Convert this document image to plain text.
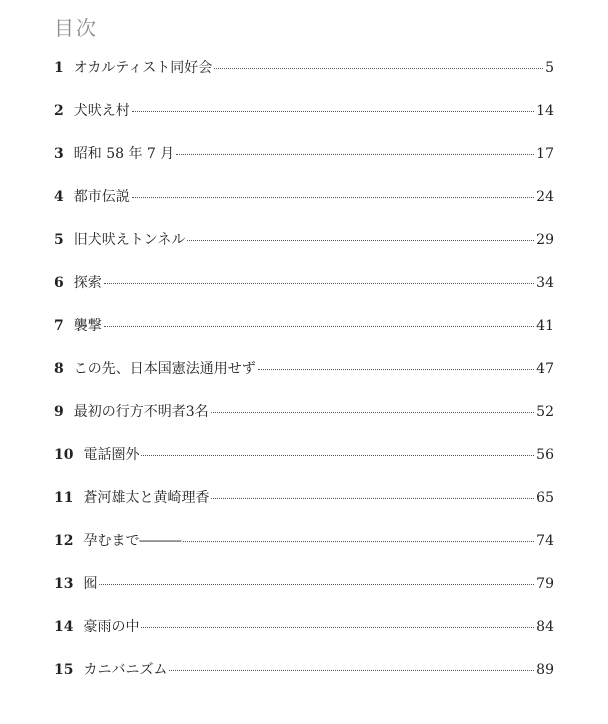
目次
1 オカルティスト同好会	5
2 犬吠え村	14
3 昭和 58 年 7 月	17
4 都市伝説	24
5 旧犬吠えトンネル	29
6 探索	34
7 襲撃	41
8 この先、日本国憲法通用せず	47
9 最初の行方不明者3名	52
10 電話圏外	56
11 蒼河雄太と黄崎理香	65
12 孕むまで―――	74
13 囮	79
14 豪雨の中	84
15 カニバニズム	89
